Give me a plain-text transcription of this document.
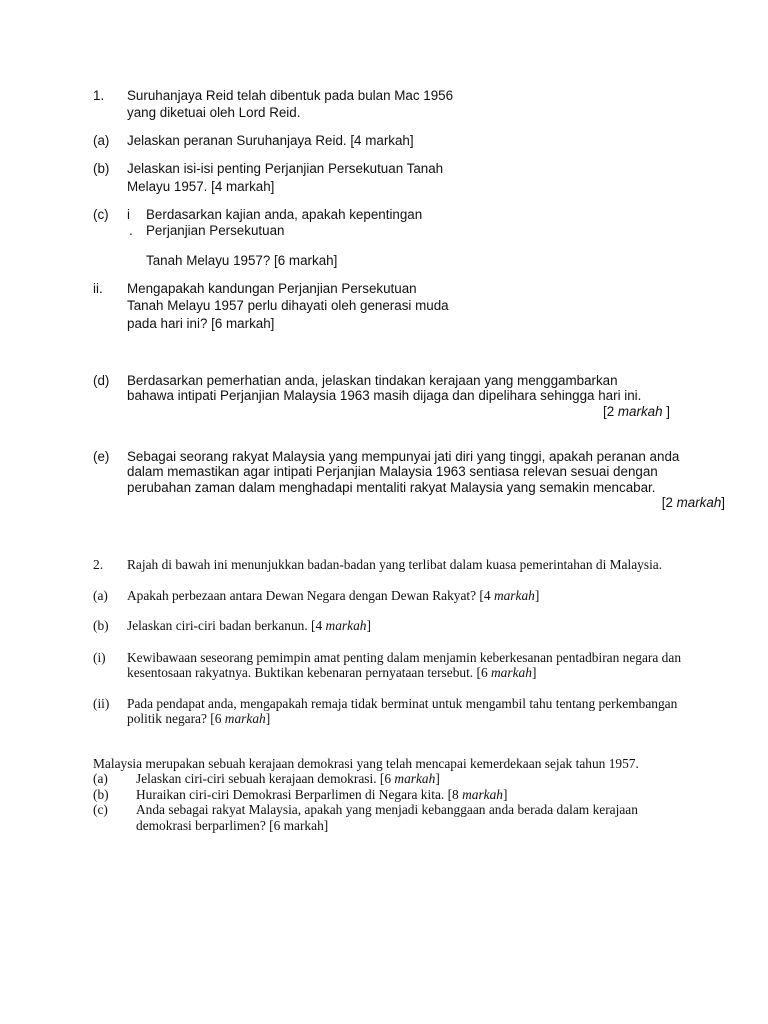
1. Suruhanjaya Reid telah dibentuk pada bulan Mac 1956
yang diketuai oleh Lord Reid.
(a) Jelaskan peranan Suruhanjaya Reid. [4 markah]
(b) Jelaskan isi-isi penting Perjanjian Persekutuan Tanah
Melayu 1957. [4 markah]
(c) i
.
Berdasarkan kajian anda, apakah kepentingan
Perjanjian Persekutuan
Tanah Melayu 1957? [6 markah]
ii. Mengapakah kandungan Perjanjian Persekutuan
Tanah Melayu 1957 perlu dihayati oleh generasi muda
pada hari ini? [6 markah]
(d) Berdasarkan pemerhatian anda, jelaskan tindakan kerajaan yang menggambarkan
bahawa intipati Perjanjian Malaysia 1963 masih dijaga dan dipelihara sehingga hari ini.
[2 markah ]
(e) Sebagai seorang rakyat Malaysia yang mempunyai jati diri yang tinggi, apakah peranan anda
dalam memastikan agar intipati Perjanjian Malaysia 1963 sentiasa relevan sesuai dengan
perubahan zaman dalam menghadapi mentaliti rakyat Malaysia yang semakin mencabar.
[2 markah]
2. Rajah di bawah ini menunjukkan badan-badan yang terlibat dalam kuasa pemerintahan di Malaysia.
(a) Apakah perbezaan antara Dewan Negara dengan Dewan Rakyat? [4 markah]
(b) Jelaskan ciri-ciri badan berkanun. [4 markah]
(i) Kewibawaan seseorang pemimpin amat penting dalam menjamin keberkesanan pentadbiran negara dan
kesentosaan rakyatnya. Buktikan kebenaran pernyataan tersebut. [6 markah]
(ii) Pada pendapat anda, mengapakah remaja tidak berminat untuk mengambil tahu tentang perkembangan
politik negara? [6 markah]
Malaysia merupakan sebuah kerajaan demokrasi yang telah mencapai kemerdekaan sejak tahun 1957.
(a) Jelaskan ciri-ciri sebuah kerajaan demokrasi. [6 markah]
(b) Huraikan ciri-ciri Demokrasi Berparlimen di Negara kita. [8 markah]
(c) Anda sebagai rakyat Malaysia, apakah yang menjadi kebanggaan anda berada dalam kerajaan
demokrasi berparlimen? [6 markah]
